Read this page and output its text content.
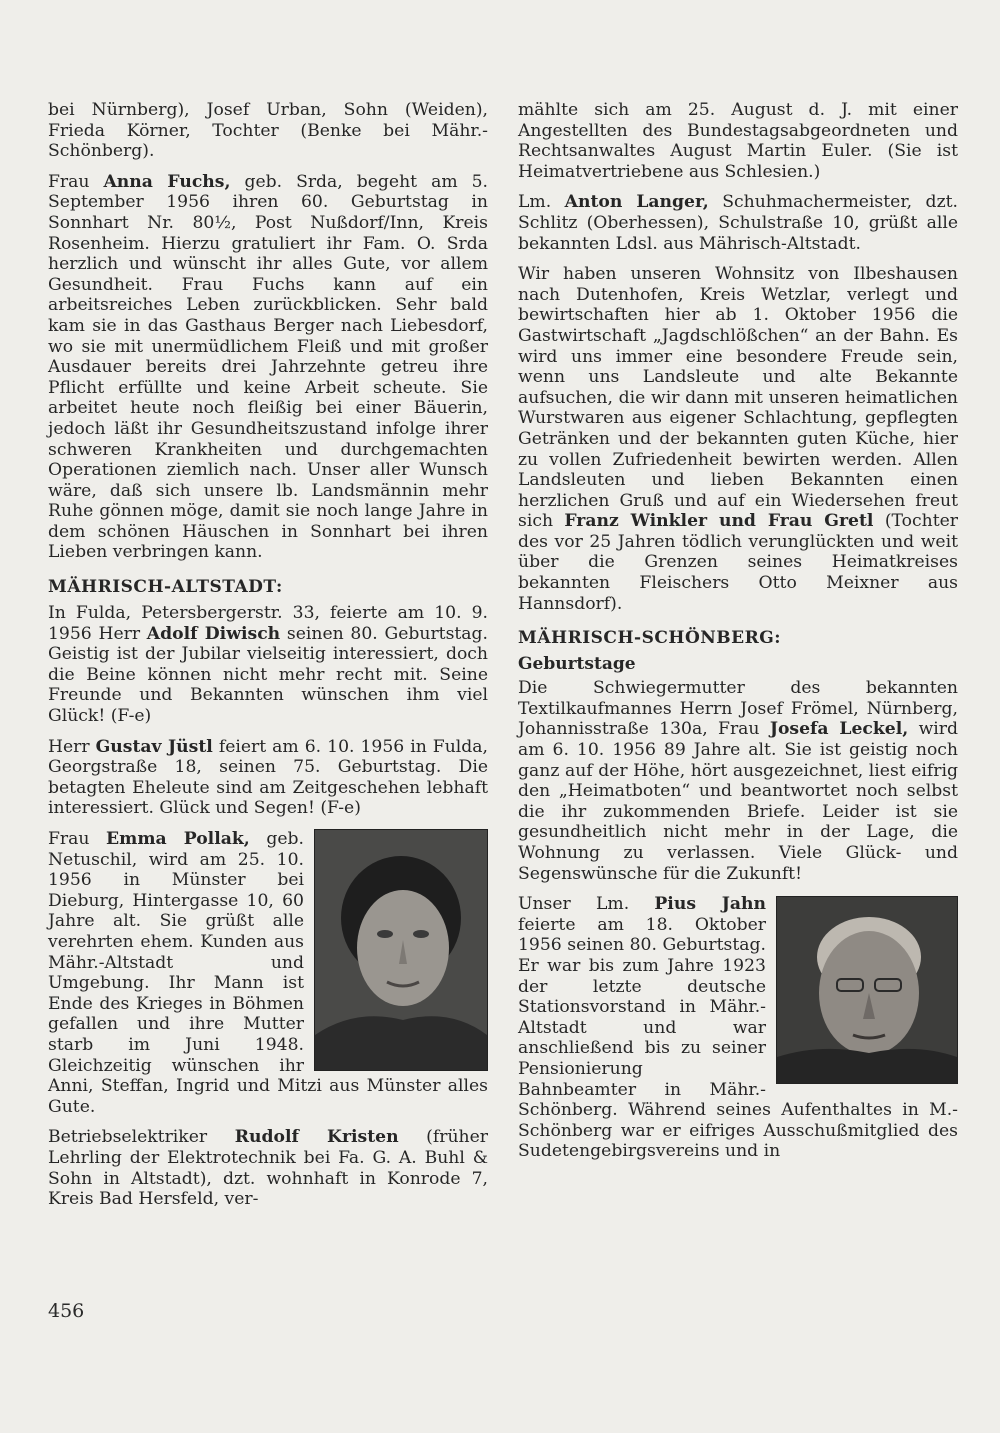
bei Nürnberg), Josef Urban, Sohn (Weiden), Frieda Körner, Tochter (Benke bei Mähr.-Schönberg).

Frau Anna Fuchs, geb. Srda, begeht am 5. September 1956 ihren 60. Geburtstag in Sonnhart Nr. 80½, Post Nußdorf/Inn, Kreis Rosenheim. Hierzu gratuliert ihr Fam. O. Srda herzlich und wünscht ihr alles Gute, vor allem Gesundheit. Frau Fuchs kann auf ein arbeitsreiches Leben zurückblicken. Sehr bald kam sie in das Gasthaus Berger nach Liebesdorf, wo sie mit unermüdlichem Fleiß und mit großer Ausdauer bereits drei Jahrzehnte getreu ihre Pflicht erfüllte und keine Arbeit scheute. Sie arbeitet heute noch fleißig bei einer Bäuerin, jedoch läßt ihr Gesundheitszustand infolge ihrer schweren Krankheiten und durchgemachten Operationen ziemlich nach. Unser aller Wunsch wäre, daß sich unsere lb. Landsmännin mehr Ruhe gönnen möge, damit sie noch lange Jahre in dem schönen Häuschen in Sonnhart bei ihren Lieben verbringen kann.

MÄHRISCH-ALTSTADT:

In Fulda, Petersbergerstr. 33, feierte am 10. 9. 1956 Herr Adolf Diwisch seinen 80. Geburtstag. Geistig ist der Jubilar vielseitig interessiert, doch die Beine können nicht mehr recht mit. Seine Freunde und Bekannten wünschen ihm viel Glück! (F-e)

Herr Gustav Jüstl feiert am 6. 10. 1956 in Fulda, Georgstraße 18, seinen 75. Geburtstag. Die betagten Eheleute sind am Zeitgeschehen lebhaft interessiert. Glück und Segen! (F-e)

Frau Emma Pollak, geb. Netuschil, wird am 25. 10. 1956 in Münster bei Dieburg, Hintergasse 10, 60 Jahre alt. Sie grüßt alle verehrten ehem. Kunden aus Mähr.-Altstadt und Umgebung. Ihr Mann ist Ende des Krieges in Böhmen gefallen und ihre Mutter starb im Juni 1948. Gleichzeitig wünschen ihr Anni, Steffan, Ingrid und Mitzi aus Münster alles Gute.

Betriebselektriker Rudolf Kristen (früher Lehrling der Elektrotechnik bei Fa. G. A. Buhl & Sohn in Altstadt), dzt. wohnhaft in Konrode 7, Kreis Bad Hersfeld, ver-

mählte sich am 25. August d. J. mit einer Angestellten des Bundestagsabgeordneten und Rechtsanwaltes August Martin Euler. (Sie ist Heimatvertriebene aus Schlesien.)

Lm. Anton Langer, Schuhmachermeister, dzt. Schlitz (Oberhessen), Schulstraße 10, grüßt alle bekannten Ldsl. aus Mährisch-Altstadt.

Wir haben unseren Wohnsitz von Ilbeshausen nach Dutenhofen, Kreis Wetzlar, verlegt und bewirtschaften hier ab 1. Oktober 1956 die Gastwirtschaft „Jagdschlößchen“ an der Bahn. Es wird uns immer eine besondere Freude sein, wenn uns Landsleute und alte Bekannte aufsuchen, die wir dann mit unseren heimatlichen Wurstwaren aus eigener Schlachtung, gepflegten Getränken und der bekannten guten Küche, hier zu vollen Zufriedenheit bewirten werden. Allen Landsleuten und lieben Bekannten einen herzlichen Gruß und auf ein Wiedersehen freut sich Franz Winkler und Frau Gretl (Tochter des vor 25 Jahren tödlich verunglückten und weit über die Grenzen seines Heimatkreises bekannten Fleischers Otto Meixner aus Hannsdorf).

MÄHRISCH-SCHÖNBERG:
Geburtstage

Die Schwiegermutter des bekannten Textilkaufmannes Herrn Josef Frömel, Nürnberg, Johannisstraße 130a, Frau Josefa Leckel, wird am 6. 10. 1956 89 Jahre alt. Sie ist geistig noch ganz auf der Höhe, hört ausgezeichnet, liest eifrig den „Heimatboten“ und beantwortet noch selbst die ihr zukommenden Briefe. Leider ist sie gesundheitlich nicht mehr in der Lage, die Wohnung zu verlassen. Viele Glück- und Segenswünsche für die Zukunft!

Unser Lm. Pius Jahn feierte am 18. Oktober 1956 seinen 80. Geburtstag. Er war bis zum Jahre 1923 der letzte deutsche Stationsvorstand in Mähr.-Altstadt und war anschließend bis zu seiner Pensionierung Bahnbeamter in Mähr.-Schönberg. Während seines Aufenthaltes in M.-Schönberg war er eifriges Ausschußmitglied des Sudetengebirgsvereins und in

456
